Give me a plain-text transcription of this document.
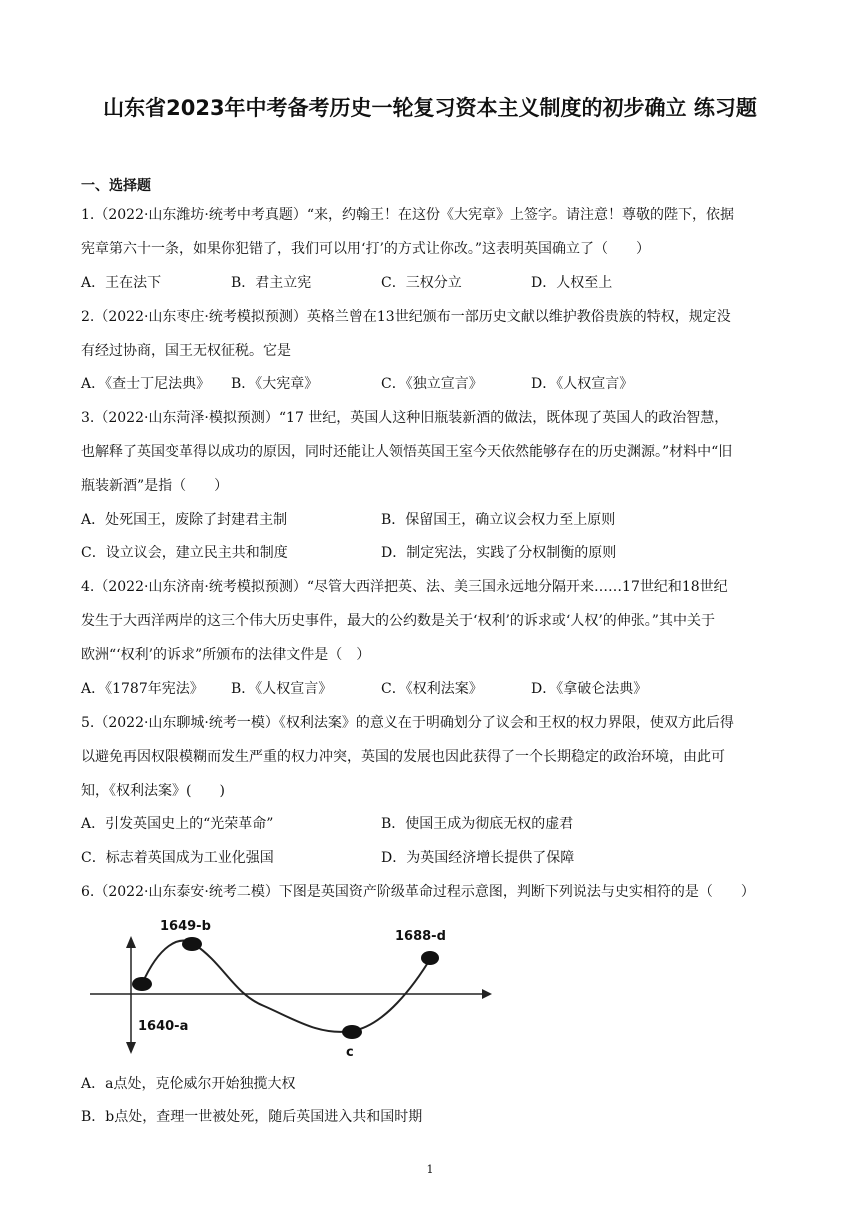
山东省2023年中考备考历史一轮复习资本主义制度的初步确立 练习题
一、选择题
1.（2022·山东潍坊·统考中考真题）“来，约翰王！在这份《大宪章》上签字。请注意！尊敬的陛下，依据
宪章第六十一条，如果你犯错了，我们可以用‘打’的方式让你改。”这表明英国确立了（　　）
A．王在法下	B．君主立宪	C．三权分立	D．人权至上
2.（2022·山东枣庄·统考模拟预测）英格兰曾在13世纪颁布一部历史文献以维护教俗贵族的特权，规定没
有经过协商，国王无权征税。它是
A．《查士丁尼法典》 B．《大宪章》	C．《独立宣言》	D．《人权宣言》
3.（2022·山东菏泽·模拟预测）“17 世纪，英国人这种旧瓶装新酒的做法，既体现了英国人的政治智慧，
也解释了英国变革得以成功的原因，同时还能让人领悟英国王室今天依然能够存在的历史渊源。”材料中“旧
瓶装新酒”是指（　　）
A．处死国王，废除了封建君主制	B．保留国王，确立议会权力至上原则
C．设立议会，建立民主共和制度	D．制定宪法，实践了分权制衡的原则
4.（2022·山东济南·统考模拟预测）“尽管大西洋把英、法、美三国永远地分隔开来……17世纪和18世纪
发生于大西洋两岸的这三个伟大历史事件，最大的公约数是关于‘权利’的诉求或‘人权’的伸张。”其中关于
欧洲“‘权利’的诉求”所颁布的法律文件是（　）
A．《1787年宪法》 B．《人权宣言》	C．《权利法案》	D．《拿破仑法典》
5.（2022·山东聊城·统考一模）《权利法案》的意义在于明确划分了议会和王权的权力界限，使双方此后得
以避免再因权限模糊而发生严重的权力冲突，英国的发展也因此获得了一个长期稳定的政治环境，由此可
知，《权利法案》(　　)
A．引发英国史上的“光荣革命”	B．使国王成为彻底无权的虚君
C．标志着英国成为工业化强国	D．为英国经济增长提供了保障
6.（2022·山东泰安·统考二模）下图是英国资产阶级革命过程示意图，判断下列说法与史实相符的是（　　）
1649-b
1640-a
c
1688-d
A．a点处，克伦威尔开始独揽大权
B．b点处，查理一世被处死，随后英国进入共和国时期
1
